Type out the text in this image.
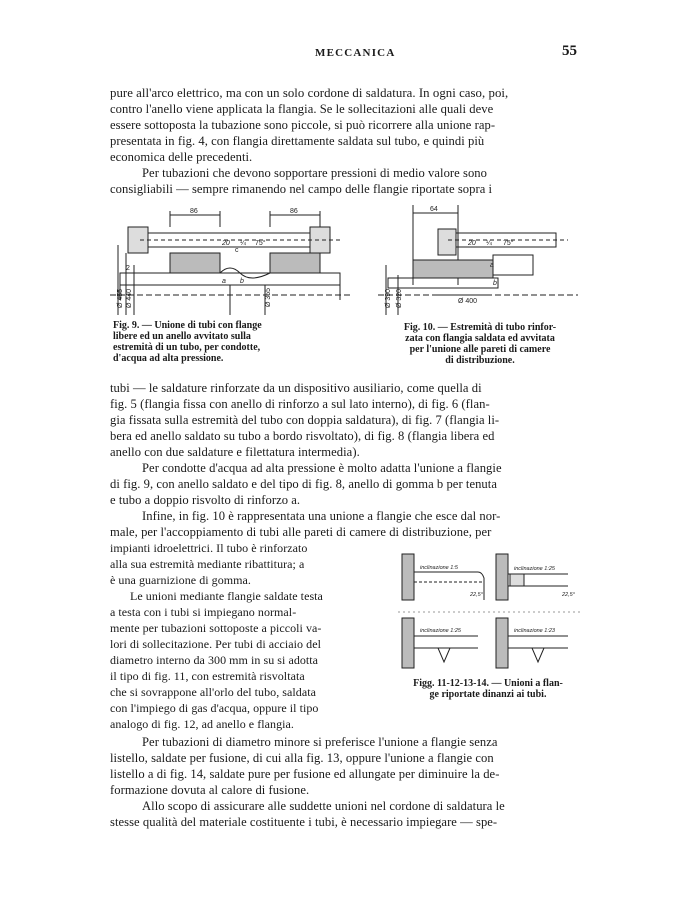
MECCANICA	55
pure all'arco elettrico, ma con un solo cordone di saldatura. In ogni caso, poi,
contro l'anello viene applicata la flangia. Se le sollecitazioni alle quali deve
essere sottoposta la tubazione sono piccole, si può ricorrere alla unione rap-
presentata in fig. 4, con flangia direttamente saldata sul tubo, e quindi più
economica delle precedenti.
Per tubazioni che devono sopportare pressioni di medio valore sono
consigliabili — sempre rimanendo nel campo delle flangie riportate sopra i
86	86
20 ¼ 75°
c
a b
2
Ø 455 Ø 440	Ø 355
Fig. 9. — Unione di tubi con flange
libere ed un anello avvitato sulla
estremità di un tubo, per condotte,
d'acqua ad alta pressione.
64
20 ¼ 75°
a
b
Ø 400
Ø 390 Ø 320
Fig. 10. — Estremità di tubo rinfor-
zata con flangia saldata ed avvitata
per l'unione alle pareti di camere
di distribuzione.
tubi — le saldature rinforzate da un dispositivo ausiliario, come quella di
fig. 5 (flangia fissa con anello di rinforzo a sul lato interno), di fig. 6 (flan-
gia fissata sulla estremità del tubo con doppia saldatura), di fig. 7 (flangia li-
bera ed anello saldato su tubo a bordo risvoltato), di fig. 8 (flangia libera ed
anello con due saldature e filettatura intermedia).
Per condotte d'acqua ad alta pressione è molto adatta l'unione a flangie
di fig. 9, con anello saldato e del tipo di fig. 8, anello di gomma b per tenuta
e tubo a doppio risvolto di rinforzo a.
Infine, in fig. 10 è rappresentata una unione a flangie che esce dal nor-
male, per l'accoppiamento di tubi alle pareti di camere di distribuzione, per
impianti idroelettrici. Il tubo è rinforzato
alla sua estremità mediante ribattitura; a
è una guarnizione di gomma.
Le unioni mediante flangie saldate testa
a testa con i tubi si impiegano normal-
mente per tubazioni sottoposte a piccoli va-
lori di sollecitazione. Per tubi di acciaio del
diametro interno da 300 mm in su si adotta
il tipo di fig. 11, con estremità risvoltata
che si sovrappone all'orlo del tubo, saldata
con l'impiego di gas d'acqua, oppure il tipo
analogo di fig. 12, ad anello e flangia.
Per tubazioni di diametro minore si preferisce l'unione a flangie senza
listello, saldate per fusione, di cui alla fig. 13, oppure l'unione a flangie con
listello a di fig. 14, saldate pure per fusione ed allungate per diminuire la de-
formazione dovuta al calore di fusione.
Allo scopo di assicurare alle suddette unioni nel cordone di saldatura le
stesse qualità del materiale costituente i tubi, è necessario impiegare — spe-
inclinazione 1:5	inclinazione 1:25
inclinazione 1:25	inclinazione 1:23
22,5°	22,5°
Figg. 11-12-13-14. — Unioni a flan-
ge riportate dinanzi ai tubi.
